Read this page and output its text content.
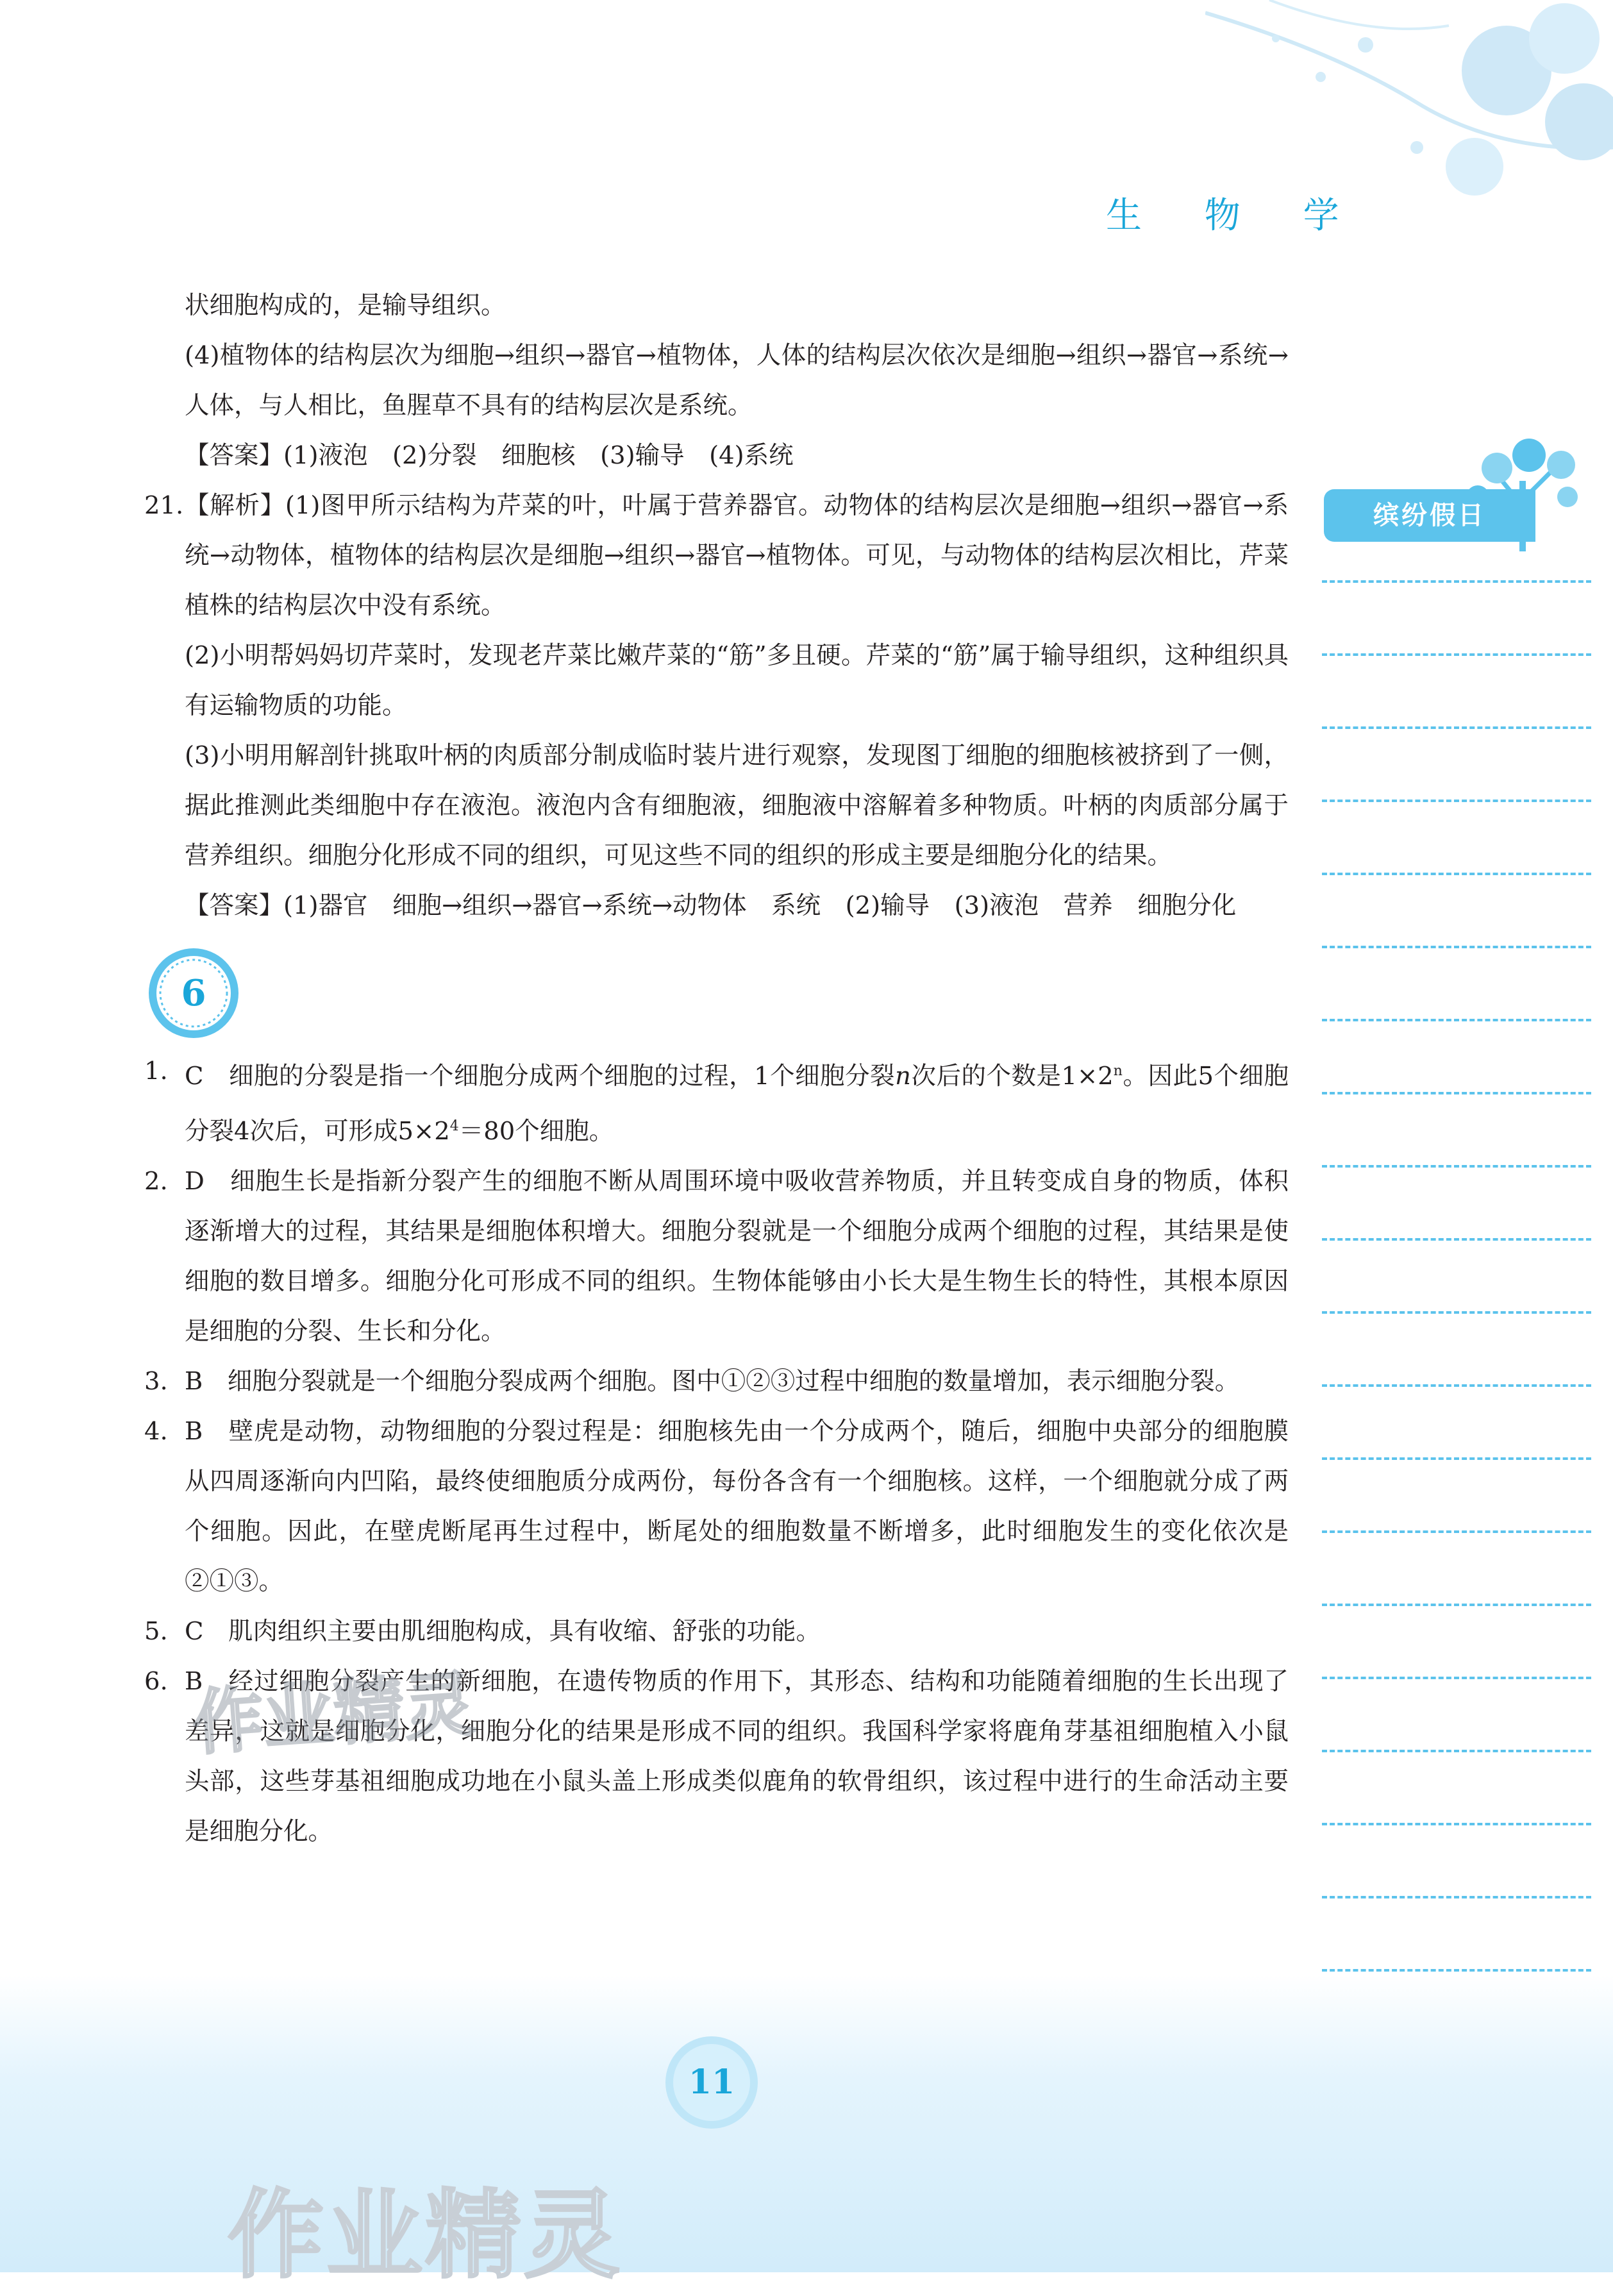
生 物 学

状细胞构成的，是输导组织。

(4)植物体的结构层次为细胞→组织→器官→植物体，人体的结构层次依次是细胞→组织→器官→系统→人体，与人相比，鱼腥草不具有的结构层次是系统。

【答案】(1)液泡　(2)分裂　细胞核　(3)输导　(4)系统

21. 【解析】(1)图甲所示结构为芹菜的叶，叶属于营养器官。动物体的结构层次是细胞→组织→器官→系统→动物体，植物体的结构层次是细胞→组织→器官→植物体。可见，与动物体的结构层次相比，芹菜植株的结构层次中没有系统。

(2)小明帮妈妈切芹菜时，发现老芹菜比嫩芹菜的“筋”多且硬。芹菜的“筋”属于输导组织，这种组织具有运输物质的功能。

(3)小明用解剖针挑取叶柄的肉质部分制成临时装片进行观察，发现图丁细胞的细胞核被挤到了一侧，据此推测此类细胞中存在液泡。液泡内含有细胞液，细胞液中溶解着多种物质。叶柄的肉质部分属于营养组织。细胞分化形成不同的组织，可见这些不同的组织的形成主要是细胞分化的结果。

【答案】(1)器官　细胞→组织→器官→系统→动物体　系统　(2)输导　(3)液泡　营养　细胞分化

6
1. C　细胞的分裂是指一个细胞分成两个细胞的过程，1个细胞分裂n次后的个数是$1\times 2^n$。因此5个细胞分裂4次后，可形成$5\times 2^4=80$个细胞。
2. D　细胞生长是指新分裂产生的细胞不断从周围环境中吸收营养物质，并且转变成自身的物质，体积逐渐增大的过程，其结果是细胞体积增大。细胞分裂就是一个细胞分成两个细胞的过程，其结果是使细胞的数目增多。细胞分化可形成不同的组织。生物体能够由小长大是生物生长的特性，其根本原因是细胞的分裂、生长和分化。
3. B　细胞分裂就是一个细胞分裂成两个细胞。图中①②③过程中细胞的数量增加，表示细胞分裂。
4. B　壁虎是动物，动物细胞的分裂过程是：细胞核先由一个分成两个，随后，细胞中央部分的细胞膜从四周逐渐向内凹陷，最终使细胞质分成两份，每份各含有一个细胞核。这样，一个细胞就分成了两个细胞。因此，在壁虎断尾再生过程中，断尾处的细胞数量不断增多，此时细胞发生的变化依次是②①③。
5. C　肌肉组织主要由肌细胞构成，具有收缩、舒张的功能。
6. B　经过细胞分裂产生的新细胞，在遗传物质的作用下，其形态、结构和功能随着细胞的生长出现了差异，这就是细胞分化，细胞分化的结果是形成不同的组织。我国科学家将鹿角芽基祖细胞植入小鼠头部，这些芽基祖细胞成功地在小鼠头盖上形成类似鹿角的软骨组织，该过程中进行的生命活动主要是细胞分化。
作业精灵
缤纷假日
11
作业精灵
